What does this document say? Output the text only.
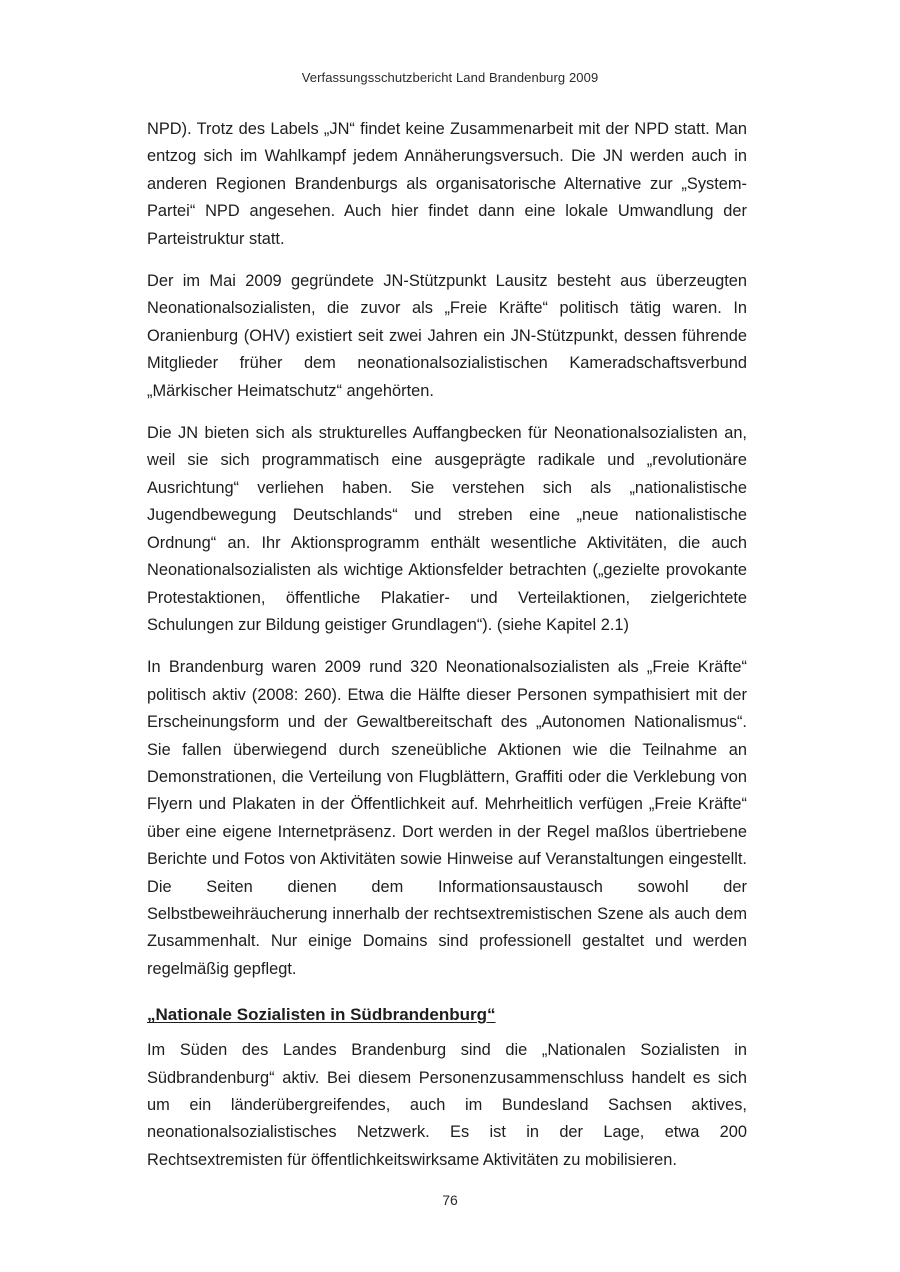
Verfassungsschutzbericht Land Brandenburg 2009

NPD). Trotz des Labels „JN“ findet keine Zusammenarbeit mit der NPD statt. Man entzog sich im Wahlkampf jedem Annäherungsversuch. Die JN werden auch in anderen Regionen Brandenburgs als organisatorische Alternative zur „System-Partei“ NPD angesehen. Auch hier findet dann eine lokale Umwandlung der Parteistruktur statt.

Der im Mai 2009 gegründete JN-Stützpunkt Lausitz besteht aus überzeugten Neonationalsozialisten, die zuvor als „Freie Kräfte“ politisch tätig waren. In Oranienburg (OHV) existiert seit zwei Jahren ein JN-Stützpunkt, dessen führende Mitglieder früher dem neonationalsozialistischen Kameradschaftsverbund „Märkischer Heimatschutz“ angehörten.

Die JN bieten sich als strukturelles Auffangbecken für Neonationalsozialisten an, weil sie sich programmatisch eine ausgeprägte radikale und „revolutionäre Ausrichtung“ verliehen haben. Sie verstehen sich als „nationalistische Jugendbewegung Deutschlands“ und streben eine „neue nationalistische Ordnung“ an. Ihr Aktionsprogramm enthält wesentliche Aktivitäten, die auch Neonationalsozialisten als wichtige Aktionsfelder betrachten („gezielte provokante Protestaktionen, öffentliche Plakatier- und Verteilaktionen, zielgerichtete Schulungen zur Bildung geistiger Grundlagen“). (siehe Kapitel 2.1)

In Brandenburg waren 2009 rund 320 Neonationalsozialisten als „Freie Kräfte“ politisch aktiv (2008: 260). Etwa die Hälfte dieser Personen sympathisiert mit der Erscheinungsform und der Gewaltbereitschaft des „Autonomen Nationalismus“. Sie fallen überwiegend durch szeneübliche Aktionen wie die Teilnahme an Demonstrationen, die Verteilung von Flugblättern, Graffiti oder die Verklebung von Flyern und Plakaten in der Öffentlichkeit auf. Mehrheitlich verfügen „Freie Kräfte“ über eine eigene Internetpräsenz. Dort werden in der Regel maßlos übertriebene Berichte und Fotos von Aktivitäten sowie Hinweise auf Veranstaltungen eingestellt. Die Seiten dienen dem Informationsaustausch sowohl der Selbstbeweihräucherung innerhalb der rechtsextremistischen Szene als auch dem Zusammenhalt. Nur einige Domains sind professionell gestaltet und werden regelmäßig gepflegt.

„Nationale Sozialisten in Südbrandenburg“

Im Süden des Landes Brandenburg sind die „Nationalen Sozialisten in Südbrandenburg“ aktiv. Bei diesem Personenzusammenschluss handelt es sich um ein länderübergreifendes, auch im Bundesland Sachsen aktives, neonationalsozialistisches Netzwerk. Es ist in der Lage, etwa 200 Rechtsextremisten für öffentlichkeitswirksame Aktivitäten zu mobilisieren.

76
